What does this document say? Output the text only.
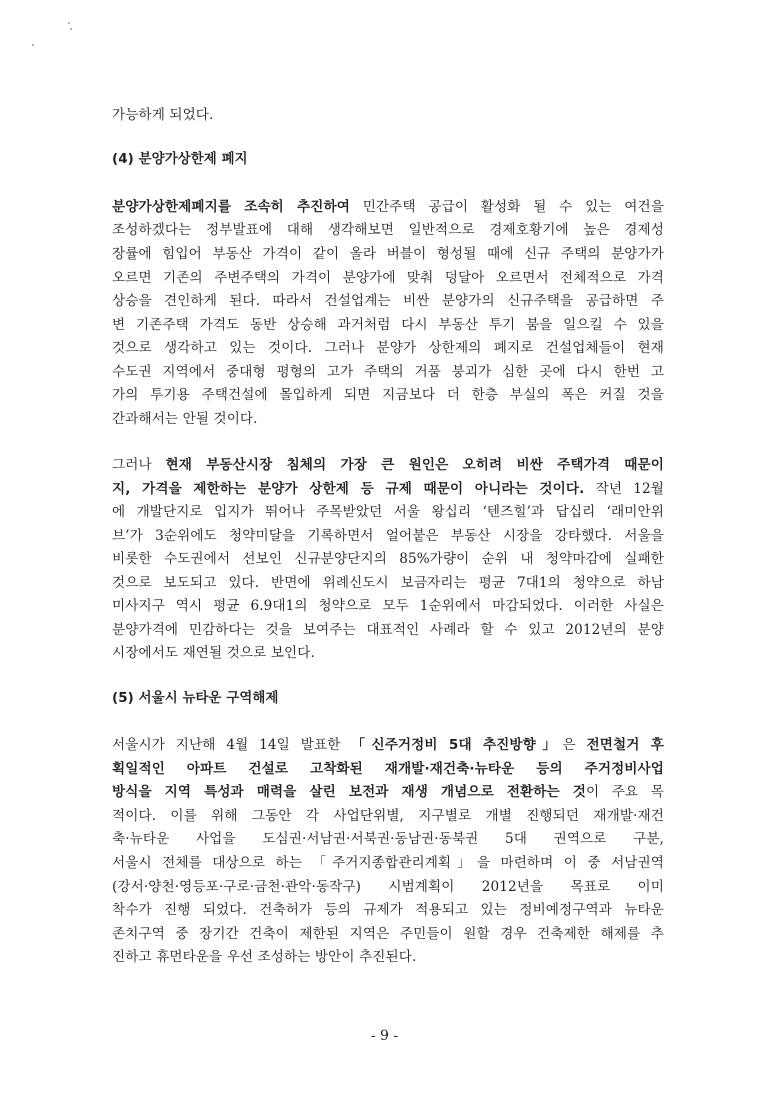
가능하게 되었다.
(4) 분양가상한제 폐지
분양가상한제폐지를 조속히 추진하여 민간주택 공급이 활성화 될 수 있는 여건을
조성하겠다는 정부발표에 대해 생각해보면 일반적으로 경제호황기에 높은 경제성
장률에 힘입어 부동산 가격이 같이 올라 버블이 형성될 때에 신규 주택의 분양가가
오르면 기존의 주변주택의 가격이 분양가에 맞춰 덩달아 오르면서 전체적으로 가격
상승을 견인하게 된다. 따라서 건설업계는 비싼 분양가의 신규주택을 공급하면 주
변 기존주택 가격도 동반 상승해 과거처럼 다시 부동산 투기 붐을 일으킬 수 있을
것으로 생각하고 있는 것이다. 그러나 분양가 상한제의 폐지로 건설업체들이 현재
수도권 지역에서 중대형 평형의 고가 주택의 거품 붕괴가 심한 곳에 다시 한번 고
가의 투기용 주택건설에 몰입하게 되면 지금보다 더 한층 부실의 폭은 커질 것을
간과해서는 안될 것이다.
그러나 현재 부동산시장 침체의 가장 큰 원인은 오히려 비싼 주택가격 때문이
지, 가격을 제한하는 분양가 상한제 등 규제 때문이 아니라는 것이다. 작년 12월
에 개발단지로 입지가 뛰어나 주목받았던 서울 왕십리 ‘텐즈힐’과 답십리 ‘래미안위
브’가 3순위에도 청약미달을 기록하면서 얼어붙은 부동산 시장을 강타했다. 서울을
비롯한 수도권에서 선보인 신규분양단지의 85%가량이 순위 내 청약마감에 실패한
것으로 보도되고 있다. 반면에 위례신도시 보금자리는 평균 7대1의 청약으로 하남
미사지구 역시 평균 6.9대1의 청약으로 모두 1순위에서 마감되었다. 이러한 사실은
분양가격에 민감하다는 것을 보여주는 대표적인 사례라 할 수 있고 2012년의 분양
시장에서도 재연될 것으로 보인다.
(5) 서울시 뉴타운 구역해제
서울시가 지난해 4월 14일 발표한 「신주거정비 5대 추진방향」은 전면철거 후
획일적인 아파트 건설로 고착화된 재개발·재건축·뉴타운 등의 주거정비사업
방식을 지역 특성과 매력을 살린 보전과 재생 개념으로 전환하는 것이 주요 목
적이다. 이를 위해 그동안 각 사업단위별, 지구별로 개별 진행되던 재개발·재건
축·뉴타운 사업을 도심권·서남권·서북권·동남권·동북권 5대 권역으로 구분,
서울시 전체를 대상으로 하는 「주거지종합관리계획」을 마련하며 이 중 서남권역
(강서·양천·영등포·구로·금천·관악·동작구) 시범계획이 2012년을 목표로 이미
착수가 진행 되었다. 건축허가 등의 규제가 적용되고 있는 정비예정구역과 뉴타운
존치구역 중 장기간 건축이 제한된 지역은 주민들이 원할 경우 건축제한 해제를 추
진하고 휴먼타운을 우선 조성하는 방안이 추진된다.
- 9 -
